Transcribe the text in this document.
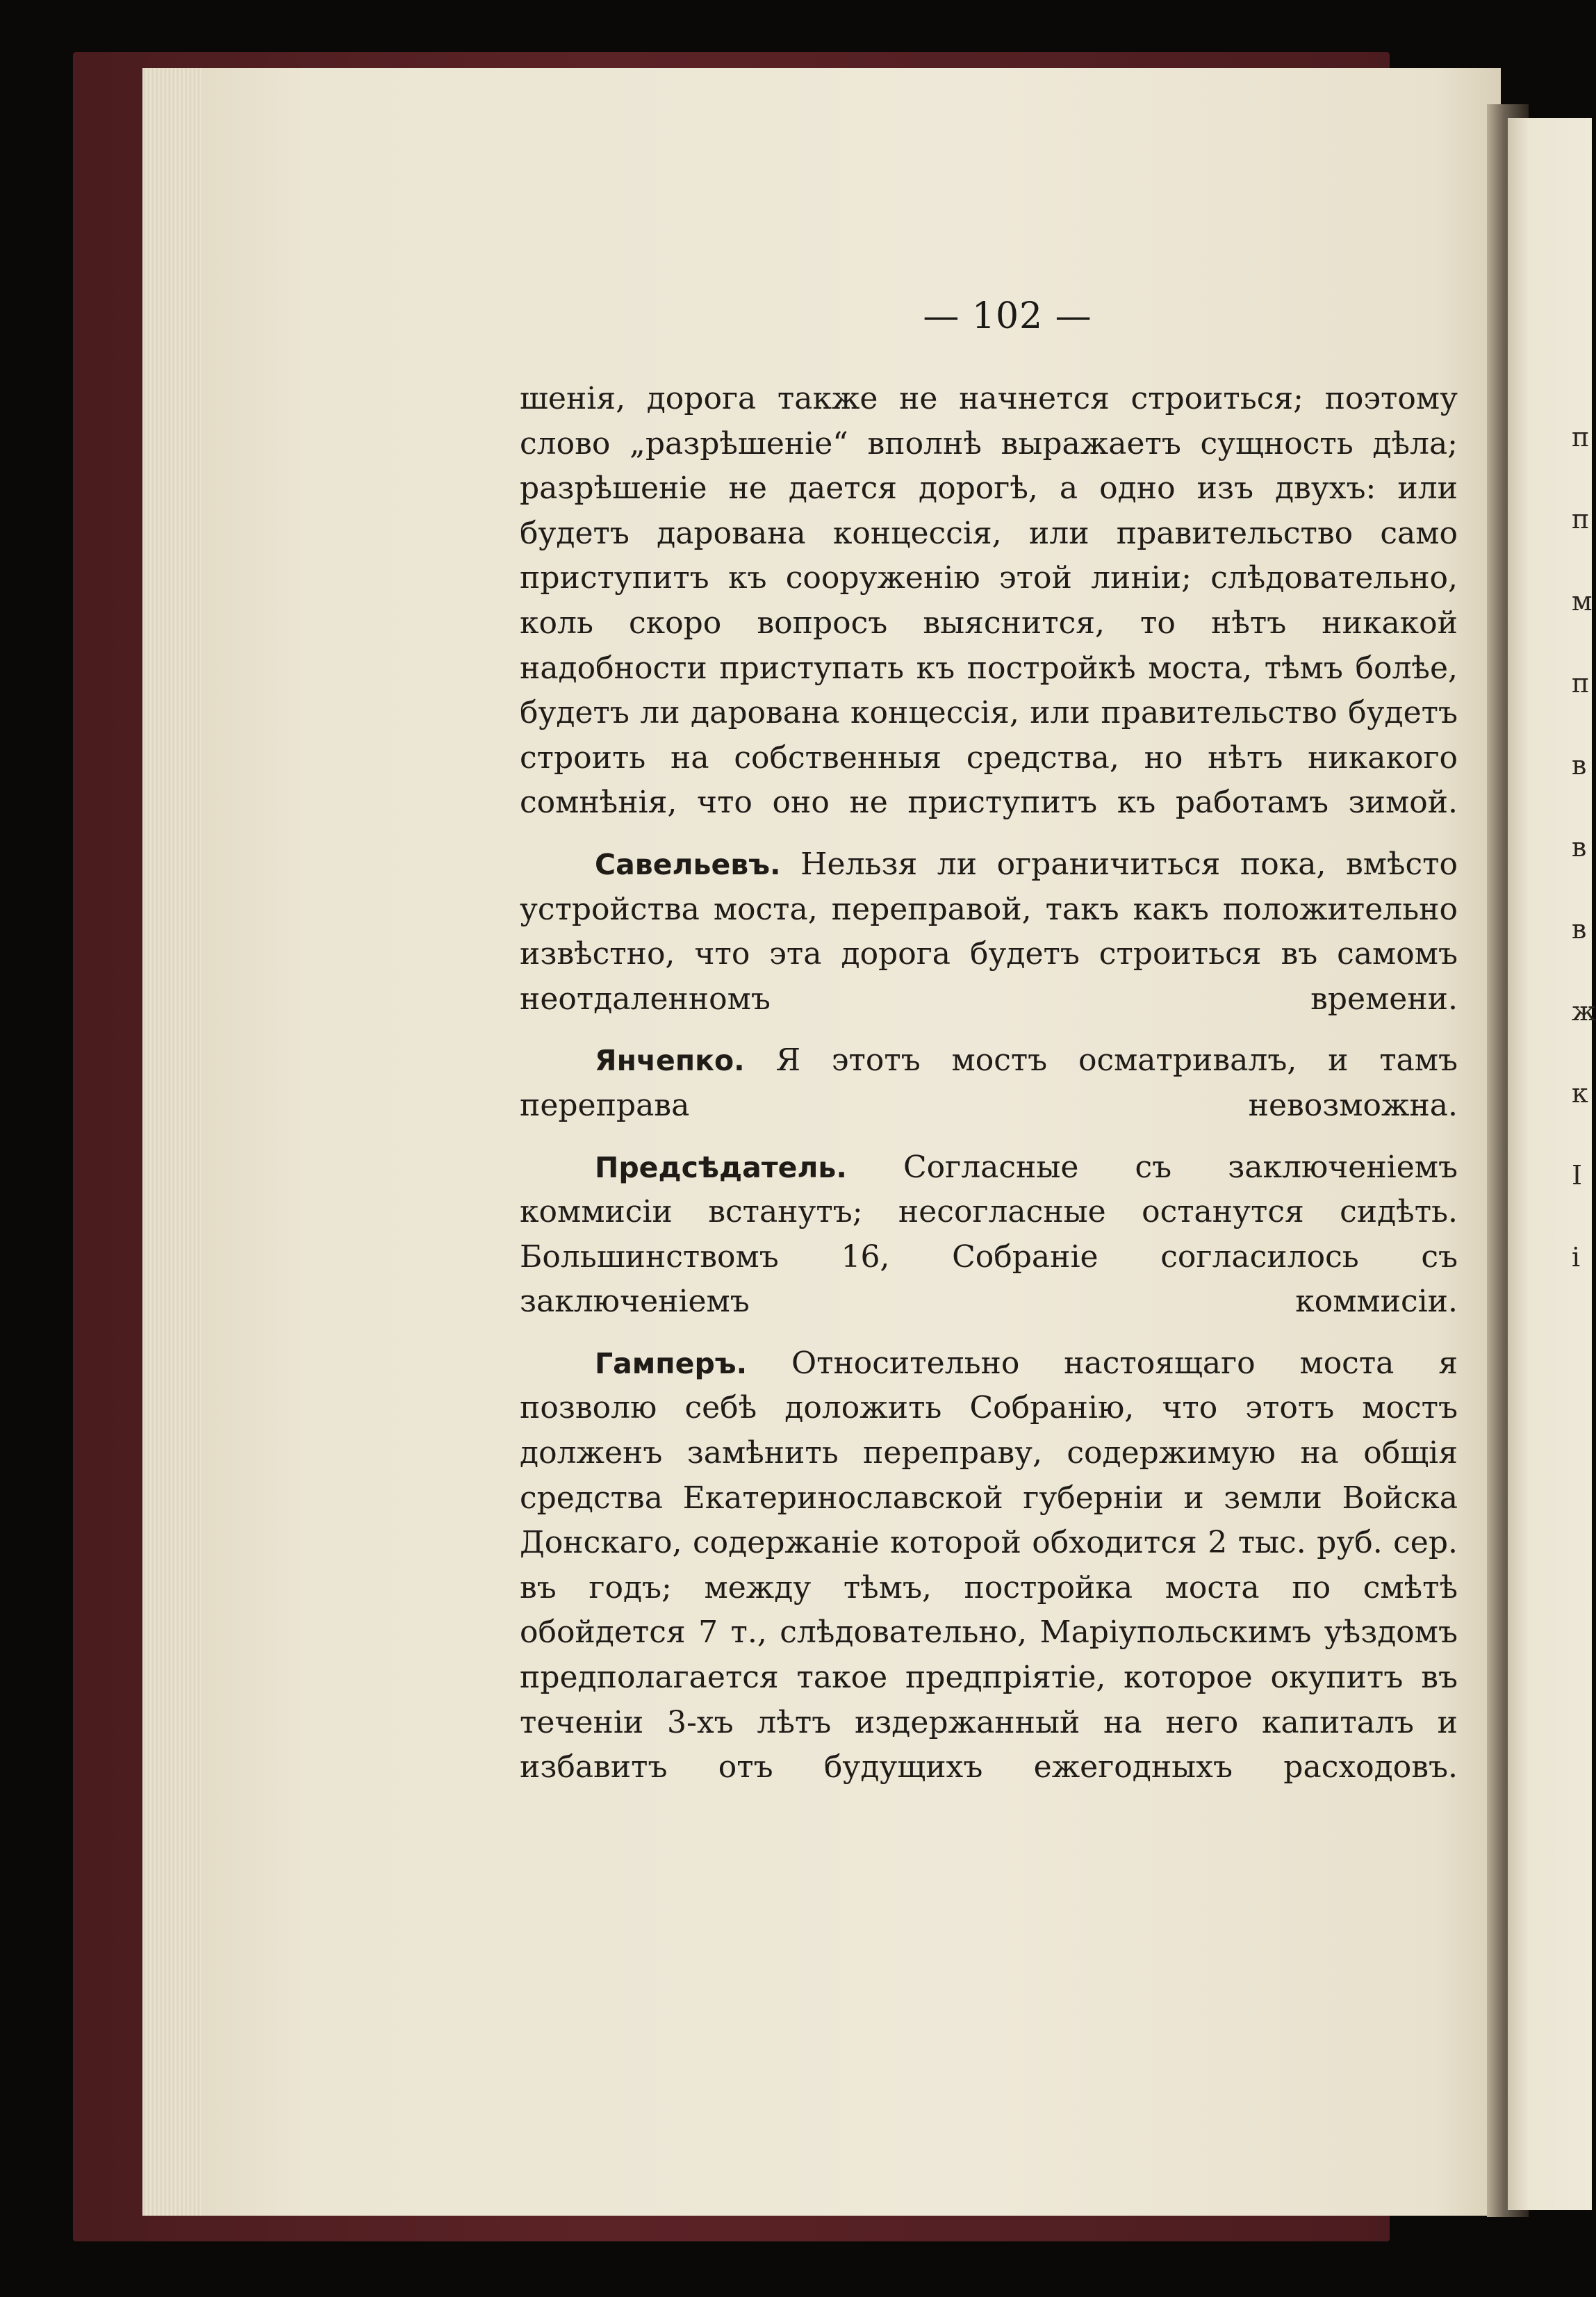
п
п
м
п
в
в
в
ж
к
I
і
— 102 —

шенія, дорога также не начнется строиться; поэтому слово „разрѣшеніе“ вполнѣ выражаетъ сущность дѣла; разрѣшеніе не дается дорогѣ, а одно изъ двухъ: или будетъ дарована концессія, или правительство само приступитъ къ сооруженію этой линіи; слѣдовательно, коль скоро вопросъ выяснится, то нѣтъ никакой надобности приступать къ постройкѣ моста, тѣмъ болѣе, будетъ ли дарована концессія, или правительство будетъ строить на собственныя средства, но нѣтъ никакого сомнѣнія, что оно не приступитъ къ работамъ зимой.

Савельевъ. Нельзя ли ограничиться пока, вмѣсто устройства моста, переправой, такъ какъ положительно извѣстно, что эта дорога будетъ строиться въ самомъ неотдаленномъ времени.

Янчепко. Я этотъ мостъ осматривалъ, и тамъ переправа невозможна.

Предсѣдатель. Согласные съ заключеніемъ коммисіи встанутъ; несогласные останутся сидѣть. Большинствомъ 16, Собраніе согласилось съ заключеніемъ коммисіи.

Гамперъ. Относительно настоящаго моста я позволю себѣ доложить Собранію, что этотъ мостъ долженъ замѣнить переправу, содержимую на общія средства Екатеринославской губерніи и земли Войска Донскаго, содержаніе которой обходится 2 тыс. руб. сер. въ годъ; между тѣмъ, постройка моста по смѣтѣ обойдется 7 т., слѣдовательно, Маріупольскимъ уѣздомъ предполагается такое предпріятіе, которое окупитъ въ теченіи 3-хъ лѣтъ издержанный на него капиталъ и избавитъ отъ будущихъ ежегодныхъ расходовъ.
